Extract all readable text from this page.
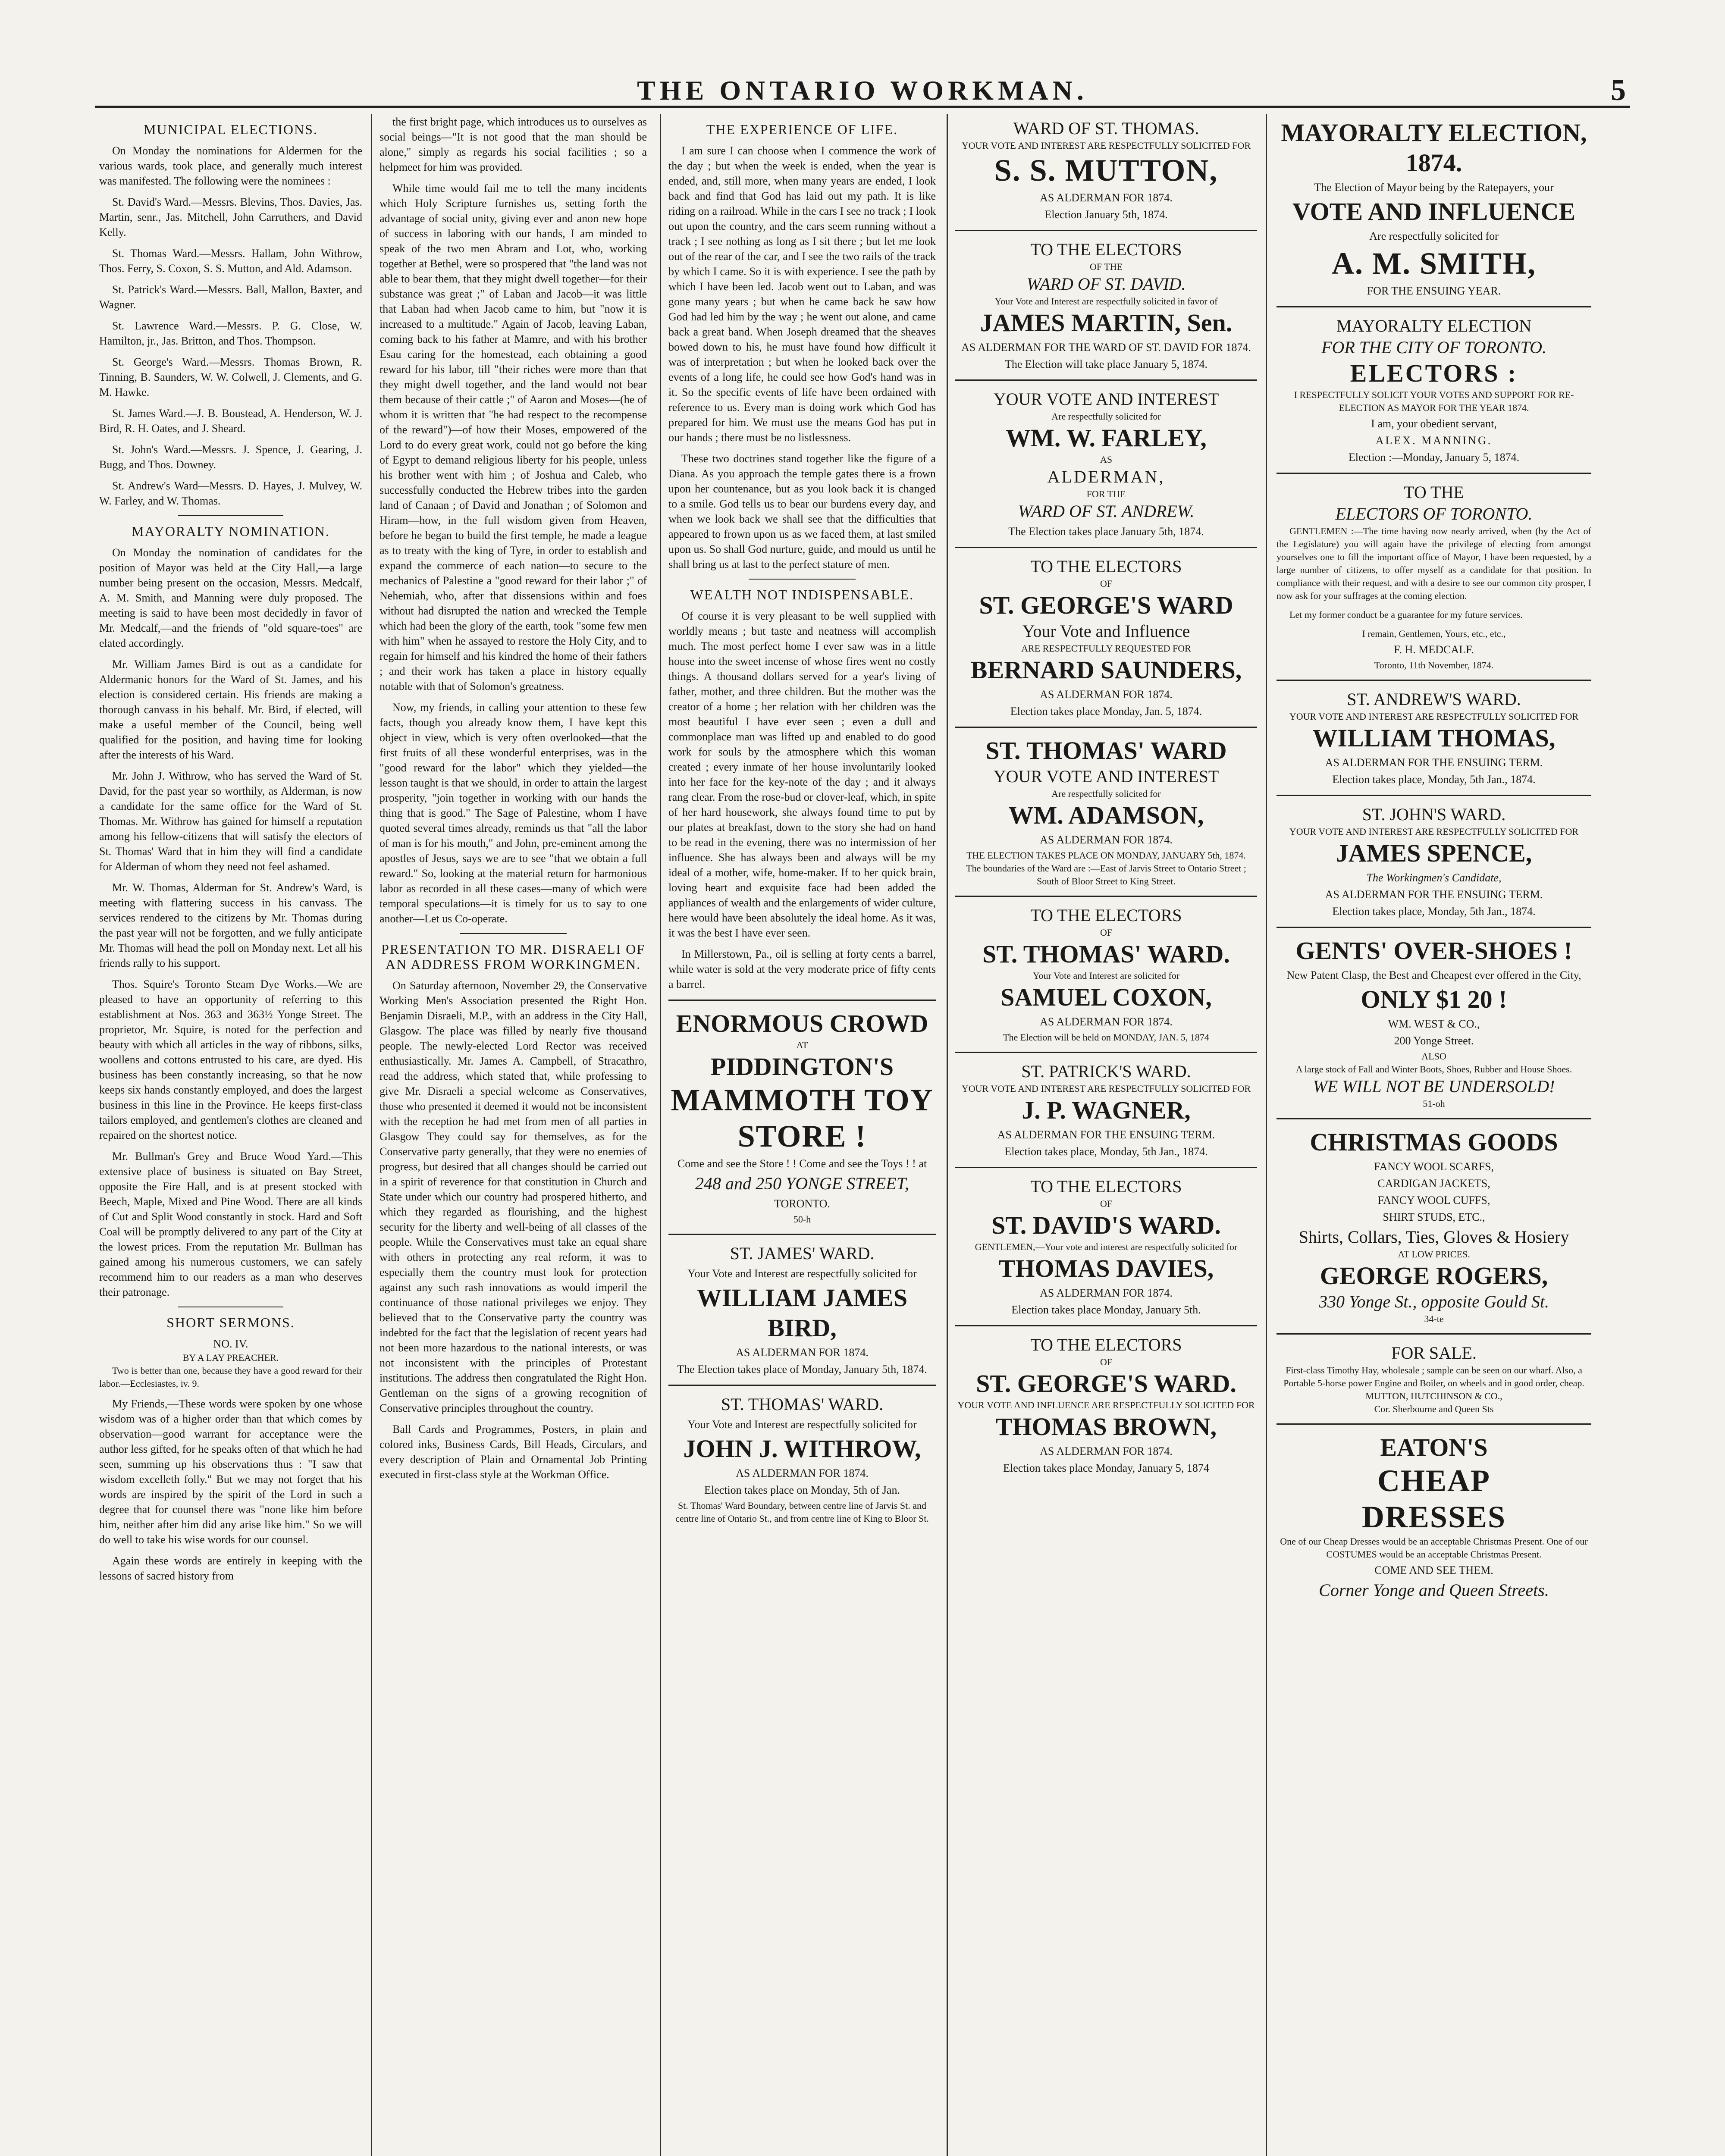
THE ONTARIO WORKMAN.	5
MUNICIPAL ELECTIONS.
On Monday the nominations for Aldermen for the various wards, took place, and generally much interest was manifested. The following were the nominees :
St. David's Ward.—Messrs. Blevins, Thos. Davies, Jas. Martin, senr., Jas. Mitchell, John Carruthers, and David Kelly.
St. Thomas Ward.—Messrs. Hallam, John Withrow, Thos. Ferry, S. Coxon, S. S. Mutton, and Ald. Adamson.
St. Patrick's Ward.—Messrs. Ball, Mallon, Baxter, and Wagner.
St. Lawrence Ward.—Messrs. P. G. Close, W. Hamilton, jr., Jas. Britton, and Thos. Thompson.
St. George's Ward.—Messrs. Thomas Brown, R. Tinning, B. Saunders, W. W. Colwell, J. Clements, and G. M. Hawke.
St. James Ward.—J. B. Boustead, A. Henderson, W. J. Bird, R. H. Oates, and J. Sheard.
St. John's Ward.—Messrs. J. Spence, J. Gearing, J. Bugg, and Thos. Downey.
St. Andrew's Ward—Messrs. D. Hayes, J. Mulvey, W. W. Farley, and W. Thomas.
MAYORALTY NOMINATION.
On Monday the nomination of candidates for the position of Mayor was held at the City Hall,—a large number being present on the occasion, Messrs. Medcalf, A. M. Smith, and Manning were duly proposed. The meeting is said to have been most decidedly in favor of Mr. Medcalf,—and the friends of "old square-toes" are elated accordingly.
Mr. William James Bird is out as a candidate for Aldermanic honors for the Ward of St. James, and his election is considered certain. His friends are making a thorough canvass in his behalf. Mr. Bird, if elected, will make a useful member of the Council, being well qualified for the position, and having time for looking after the interests of his Ward.
Mr. John J. Withrow, who has served the Ward of St. David, for the past year so worthily, as Alderman, is now a candidate for the same office for the Ward of St. Thomas. Mr. Withrow has gained for himself a reputation among his fellow-citizens that will satisfy the electors of St. Thomas' Ward that in him they will find a candidate for Alderman of whom they need not feel ashamed.
Mr. W. Thomas, Alderman for St. Andrew's Ward, is meeting with flattering success in his canvass. The services rendered to the citizens by Mr. Thomas during the past year will not be forgotten, and we fully anticipate Mr. Thomas will head the poll on Monday next. Let all his friends rally to his support.
Thos. Squire's Toronto Steam Dye Works.—We are pleased to have an opportunity of referring to this establishment at Nos. 363 and 363½ Yonge Street. The proprietor, Mr. Squire, is noted for the perfection and beauty with which all articles in the way of ribbons, silks, woollens and cottons entrusted to his care, are dyed. His business has been constantly increasing, so that he now keeps six hands constantly employed, and does the largest business in this line in the Province. He keeps first-class tailors employed, and gentlemen's clothes are cleaned and repaired on the shortest notice.
Mr. Bullman's Grey and Bruce Wood Yard.—This extensive place of business is situated on Bay Street, opposite the Fire Hall, and is at present stocked with Beech, Maple, Mixed and Pine Wood. There are all kinds of Cut and Split Wood constantly in stock. Hard and Soft Coal will be promptly delivered to any part of the City at the lowest prices. From the reputation Mr. Bullman has gained among his numerous customers, we can safely recommend him to our readers as a man who deserves their patronage.
SHORT SERMONS.
NO. IV.
BY A LAY PREACHER.
Two is better than one, because they have a good reward for their labor.—Ecclesiastes, iv. 9.
My Friends,—These words were spoken by one whose wisdom was of a higher order than that which comes by observation—good warrant for acceptance were the author less gifted, for he speaks often of that which he had seen, summing up his observations thus : "I saw that wisdom excelleth folly." But we may not forget that his words are inspired by the spirit of the Lord in such a degree that for counsel there was "none like him before him, neither after him did any arise like him." So we will do well to take his wise words for our counsel.
Again these words are entirely in keeping with the lessons of sacred history from
the first bright page, which introduces us to ourselves as social beings—"It is not good that the man should be alone," simply as regards his social facilities ; so a helpmeet for him was provided.
While time would fail me to tell the many incidents which Holy Scripture furnishes us, setting forth the advantage of social unity, giving ever and anon new hope of success in laboring with our hands, I am minded to speak of the two men Abram and Lot, who, working together at Bethel, were so prospered that "the land was not able to bear them, that they might dwell together—for their substance was great ;" of Laban and Jacob—it was little that Laban had when Jacob came to him, but "now it is increased to a multitude." Again of Jacob, leaving Laban, coming back to his father at Mamre, and with his brother Esau caring for the homestead, each obtaining a good reward for his labor, till "their riches were more than that they might dwell together, and the land would not bear them because of their cattle ;" of Aaron and Moses—(he of whom it is written that "he had respect to the recompense of the reward")—of how their Moses, empowered of the Lord to do every great work, could not go before the king of Egypt to demand religious liberty for his people, unless his brother went with him ; of Joshua and Caleb, who successfully conducted the Hebrew tribes into the garden land of Canaan ; of David and Jonathan ; of Solomon and Hiram—how, in the full wisdom given from Heaven, before he began to build the first temple, he made a league as to treaty with the king of Tyre, in order to establish and expand the commerce of each nation—to secure to the mechanics of Palestine a "good reward for their labor ;" of Nehemiah, who, after that dissensions within and foes without had disrupted the nation and wrecked the Temple which had been the glory of the earth, took "some few men with him" when he assayed to restore the Holy City, and to regain for himself and his kindred the home of their fathers ; and their work has taken a place in history equally notable with that of Solomon's greatness.
Now, my friends, in calling your attention to these few facts, though you already know them, I have kept this object in view, which is very often overlooked—that the first fruits of all these wonderful enterprises, was in the "good reward for the labor" which they yielded—the lesson taught is that we should, in order to attain the largest prosperity, "join together in working with our hands the thing that is good." The Sage of Palestine, whom I have quoted several times already, reminds us that "all the labor of man is for his mouth," and John, pre-eminent among the apostles of Jesus, says we are to see "that we obtain a full reward." So, looking at the material return for harmonious labor as recorded in all these cases—many of which were temporal speculations—it is timely for us to say to one another—Let us Co-operate.
PRESENTATION TO MR. DISRAELI OF AN ADDRESS FROM WORKINGMEN.
On Saturday afternoon, November 29, the Conservative Working Men's Association presented the Right Hon. Benjamin Disraeli, M.P., with an address in the City Hall, Glasgow. The place was filled by nearly five thousand people. The newly-elected Lord Rector was received enthusiastically. Mr. James A. Campbell, of Stracathro, read the address, which stated that, while professing to give Mr. Disraeli a special welcome as Conservatives, those who presented it deemed it would not be inconsistent with the reception he had met from men of all parties in Glasgow They could say for themselves, as for the Conservative party generally, that they were no enemies of progress, but desired that all changes should be carried out in a spirit of reverence for that constitution in Church and State under which our country had prospered hitherto, and which they regarded as flourishing, and the highest security for the liberty and well-being of all classes of the people. While the Conservatives must take an equal share with others in protecting any real reform, it was to especially them the country must look for protection against any such rash innovations as would imperil the continuance of those national privileges we enjoy. They believed that to the Conservative party the country was indebted for the fact that the legislation of recent years had not been more hazardous to the national interests, or was not inconsistent with the principles of Protestant institutions. The address then congratulated the Right Hon. Gentleman on the signs of a growing recognition of Conservative principles throughout the country.
Ball Cards and Programmes, Posters, in plain and colored inks, Business Cards, Bill Heads, Circulars, and every description of Plain and Ornamental Job Printing executed in first-class style at the Workman Office.
THE EXPERIENCE OF LIFE.
I am sure I can choose when I commence the work of the day ; but when the week is ended, when the year is ended, and, still more, when many years are ended, I look back and find that God has laid out my path. It is like riding on a railroad. While in the cars I see no track ; I look out upon the country, and the cars seem running without a track ; I see nothing as long as I sit there ; but let me look out of the rear of the car, and I see the two rails of the track by which I came. So it is with experience. I see the path by which I have been led. Jacob went out to Laban, and was gone many years ; but when he came back he saw how God had led him by the way ; he went out alone, and came back a great band. When Joseph dreamed that the sheaves bowed down to his, he must have found how difficult it was of interpretation ; but when he looked back over the events of a long life, he could see how God's hand was in it. So the specific events of life have been ordained with reference to us. Every man is doing work which God has prepared for him. We must use the means God has put in our hands ; there must be no listlessness.
These two doctrines stand together like the figure of a Diana. As you approach the temple gates there is a frown upon her countenance, but as you look back it is changed to a smile. God tells us to bear our burdens every day, and when we look back we shall see that the difficulties that appeared to frown upon us as we faced them, at last smiled upon us. So shall God nurture, guide, and mould us until he shall bring us at last to the perfect stature of men.
WEALTH NOT INDISPENSABLE.
Of course it is very pleasant to be well supplied with worldly means ; but taste and neatness will accomplish much. The most perfect home I ever saw was in a little house into the sweet incense of whose fires went no costly things. A thousand dollars served for a year's living of father, mother, and three children. But the mother was the creator of a home ; her relation with her children was the most beautiful I have ever seen ; even a dull and commonplace man was lifted up and enabled to do good work for souls by the atmosphere which this woman created ; every inmate of her house involuntarily looked into her face for the key-note of the day ; and it always rang clear. From the rose-bud or clover-leaf, which, in spite of her hard housework, she always found time to put by our plates at breakfast, down to the story she had on hand to be read in the evening, there was no intermission of her influence. She has always been and always will be my ideal of a mother, wife, home-maker. If to her quick brain, loving heart and exquisite face had been added the appliances of wealth and the enlargements of wider culture, here would have been absolutely the ideal home. As it was, it was the best I have ever seen.
In Millerstown, Pa., oil is selling at forty cents a barrel, while water is sold at the very moderate price of fifty cents a barrel.
ENORMOUS CROWD
AT
PIDDINGTON'S
MAMMOTH TOY STORE !
Come and see the Store ! ! Come and see the Toys ! ! at
248 and 250 YONGE STREET,
TORONTO.
50-h
ST. JAMES' WARD.
Your Vote and Interest are respectfully solicited for
WILLIAM JAMES BIRD,
AS ALDERMAN FOR 1874.
The Election takes place of Monday, January 5th, 1874.
ST. THOMAS' WARD.
Your Vote and Interest are respectfully solicited for
JOHN J. WITHROW,
AS ALDERMAN FOR 1874.
Election takes place on Monday, 5th of Jan.
St. Thomas' Ward Boundary, between centre line of Jarvis St. and centre line of Ontario St., and from centre line of King to Bloor St.
WARD OF ST. THOMAS.
YOUR VOTE AND INTEREST ARE RESPECTFULLY SOLICITED FOR
S. S. MUTTON,
AS ALDERMAN FOR 1874.
Election January 5th, 1874.
TO THE ELECTORS
OF THE
WARD OF ST. DAVID.
Your Vote and Interest are respectfully solicited in favor of
JAMES MARTIN, Sen.
AS ALDERMAN FOR THE WARD OF ST. DAVID FOR 1874.
The Election will take place January 5, 1874.
YOUR VOTE AND INTEREST
Are respectfully solicited for
WM. W. FARLEY,
AS
ALDERMAN,
FOR THE
WARD OF ST. ANDREW.
The Election takes place January 5th, 1874.
TO THE ELECTORS
OF
ST. GEORGE'S WARD
Your Vote and Influence
ARE RESPECTFULLY REQUESTED FOR
BERNARD SAUNDERS,
AS ALDERMAN FOR 1874.
Election takes place Monday, Jan. 5, 1874.
ST. THOMAS' WARD
YOUR VOTE AND INTEREST
Are respectfully solicited for
WM. ADAMSON,
AS ALDERMAN FOR 1874.
THE ELECTION TAKES PLACE ON MONDAY, JANUARY 5th, 1874.
The boundaries of the Ward are :—East of Jarvis Street to Ontario Street ; South of Bloor Street to King Street.
TO THE ELECTORS
OF
ST. THOMAS' WARD.
Your Vote and Interest are solicited for
SAMUEL COXON,
AS ALDERMAN FOR 1874.
The Election will be held on MONDAY, JAN. 5, 1874
ST. PATRICK'S WARD.
YOUR VOTE AND INTEREST ARE RESPECTFULLY SOLICITED FOR
J. P. WAGNER,
AS ALDERMAN FOR THE ENSUING TERM.
Election takes place, Monday, 5th Jan., 1874.
TO THE ELECTORS
OF
ST. DAVID'S WARD.
GENTLEMEN,—Your vote and interest are respectfully solicited for
THOMAS DAVIES,
AS ALDERMAN FOR 1874.
Election takes place Monday, January 5th.
TO THE ELECTORS
OF
ST. GEORGE'S WARD.
YOUR VOTE AND INFLUENCE ARE RESPECTFULLY SOLICITED FOR
THOMAS BROWN,
AS ALDERMAN FOR 1874.
Election takes place Monday, January 5, 1874
MAYORALTY ELECTION, 1874.
The Election of Mayor being by the Ratepayers, your
VOTE AND INFLUENCE
Are respectfully solicited for
A. M. SMITH,
FOR THE ENSUING YEAR.
MAYORALTY ELECTION
FOR THE CITY OF TORONTO.
ELECTORS :
I RESPECTFULLY SOLICIT YOUR VOTES AND SUPPORT FOR RE-ELECTION AS MAYOR FOR THE YEAR 1874.
I am, your obedient servant,
ALEX. MANNING.
Election :—Monday, January 5, 1874.
TO THE
ELECTORS OF TORONTO.
GENTLEMEN :—The time having now nearly arrived, when (by the Act of the Legislature) you will again have the privilege of electing from amongst yourselves one to fill the important office of Mayor, I have been requested, by a large number of citizens, to offer myself as a candidate for that position. In compliance with their request, and with a desire to see our common city prosper, I now ask for your suffrages at the coming election.
Let my former conduct be a guarantee for my future services.
I remain, Gentlemen, Yours, etc., etc.,
F. H. MEDCALF.
Toronto, 11th November, 1874.
ST. ANDREW'S WARD.
YOUR VOTE AND INTEREST ARE RESPECTFULLY SOLICITED FOR
WILLIAM THOMAS,
AS ALDERMAN FOR THE ENSUING TERM.
Election takes place, Monday, 5th Jan., 1874.
ST. JOHN'S WARD.
YOUR VOTE AND INTEREST ARE RESPECTFULLY SOLICITED FOR
JAMES SPENCE,
The Workingmen's Candidate,
AS ALDERMAN FOR THE ENSUING TERM.
Election takes place, Monday, 5th Jan., 1874.
GENTS' OVER-SHOES !
New Patent Clasp, the Best and Cheapest ever offered in the City,
ONLY $1 20 !
WM. WEST & CO.,
200 Yonge Street.
ALSO
A large stock of Fall and Winter Boots, Shoes, Rubber and House Shoes.
WE WILL NOT BE UNDERSOLD!
51-oh
CHRISTMAS GOODS
FANCY WOOL SCARFS,
CARDIGAN JACKETS,
FANCY WOOL CUFFS,
SHIRT STUDS, ETC.,
Shirts, Collars, Ties, Gloves & Hosiery
AT LOW PRICES.
GEORGE ROGERS,
330 Yonge St., opposite Gould St.
34-te
FOR SALE.
First-class Timothy Hay, wholesale ; sample can be seen on our wharf. Also, a Portable 5-horse power Engine and Boiler, on wheels and in good order, cheap.
MUTTON, HUTCHINSON & CO.,
Cor. Sherbourne and Queen Sts
EATON'S
CHEAP
DRESSES
One of our Cheap Dresses would be an acceptable Christmas Present. One of our COSTUMES would be an acceptable Christmas Present.
COME AND SEE THEM.
Corner Yonge and Queen Streets.
